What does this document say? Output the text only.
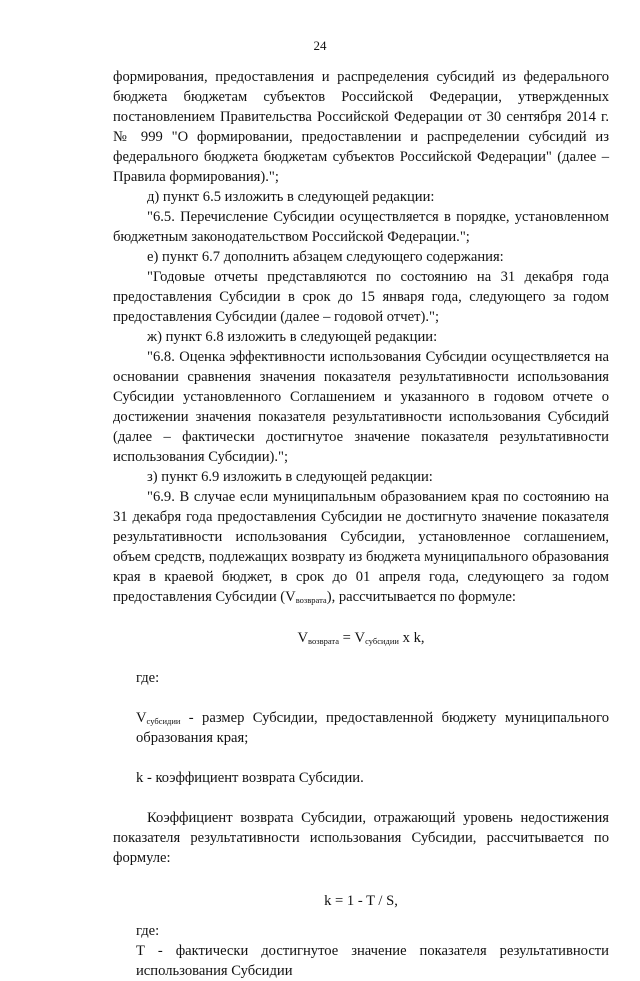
24

формирования, предоставления и распределения субсидий из федерального бюджета бюджетам субъектов Российской Федерации, утвержденных постановлением Правительства Российской Федерации от 30 сентября 2014 г. № 999 "О формировании, предоставлении и распределении субсидий из федерального бюджета бюджетам субъектов Российской Федерации" (далее – Правила формирования).";

д) пункт 6.5 изложить в следующей редакции:

"6.5. Перечисление Субсидии осуществляется в порядке, установленном бюджетным законодательством Российской Федерации.";

е) пункт 6.7 дополнить абзацем следующего содержания:

"Годовые отчеты представляются по состоянию на 31 декабря года предоставления Субсидии в срок до 15 января года, следующего за годом предоставления Субсидии (далее – годовой отчет).";

ж) пункт 6.8 изложить в следующей редакции:

"6.8. Оценка эффективности использования Субсидии осуществляется на основании сравнения значения показателя результативности использования Субсидии установленного Соглашением и указанного в годовом отчете о достижении значения показателя результативности использования Субсидий (далее – фактически достигнутое значение показателя результативности использования Субсидии).";

з) пункт 6.9 изложить в следующей редакции:

"6.9. В случае если муниципальным образованием края по состоянию на 31 декабря года предоставления Субсидии не достигнуто значение показателя результативности использования Субсидии, установленное соглашением, объем средств, подлежащих возврату из бюджета муниципального образования края в краевой бюджет, в срок до 01 апреля года, следующего за годом предоставления Субсидии $(V_{возврата})$, рассчитывается по формуле:

$V_{возврата} = V_{субсидии}$ x k,

где:

$V_{субсидии}$ - размер Субсидии, предоставленной бюджету муниципального образования края;

k - коэффициент возврата Субсидии.

Коэффициент возврата Субсидии, отражающий уровень недостижения показателя результативности использования Субсидии, рассчитывается по формуле:

k = 1 - T / S,

где:

Т - фактически достигнутое значение показателя результативности использования Субсидии
